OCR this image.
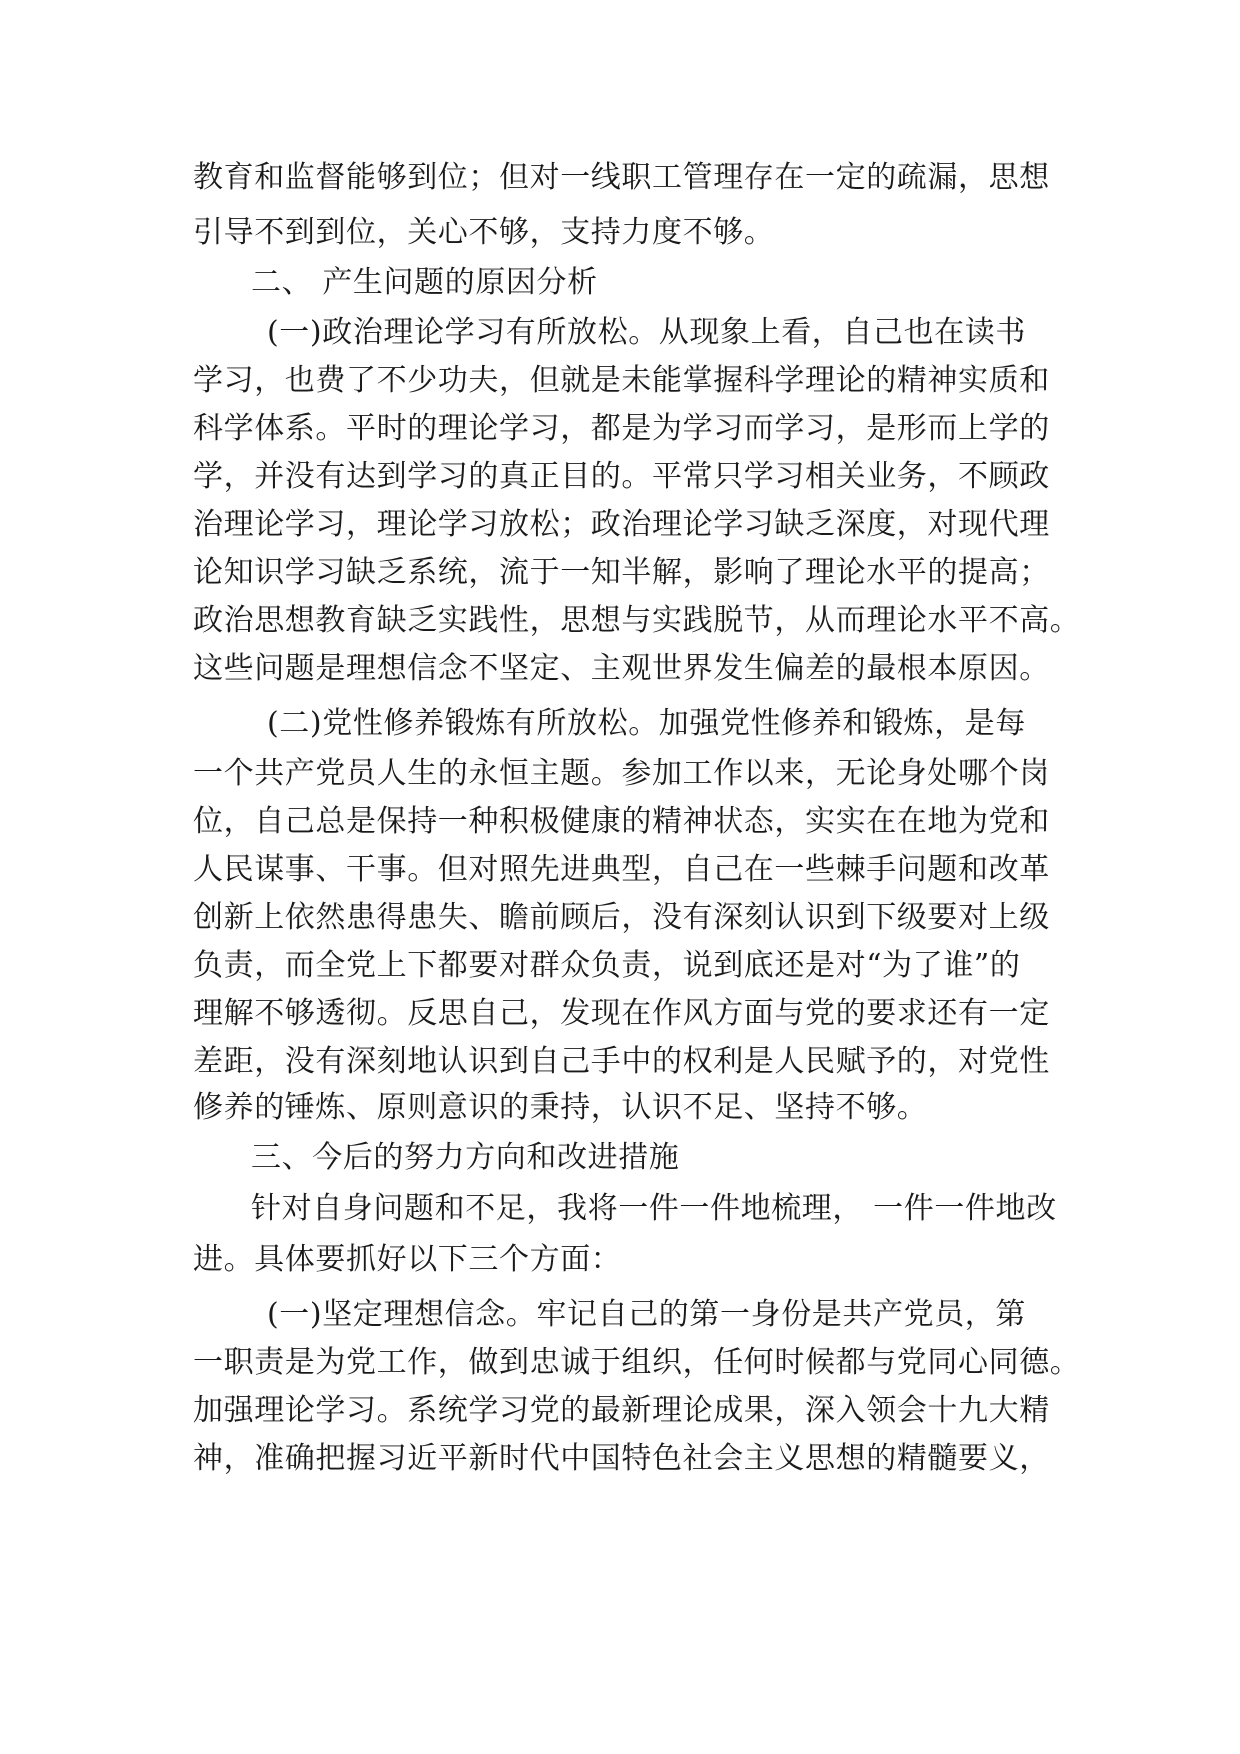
教育和监督能够到位；但对一线职工管理存在一定的疏漏，思想
引导不到到位，关心不够，支持力度不够。
二、 产生问题的原因分析
(一)政治理论学习有所放松。从现象上看，自己也在读书
学习，也费了不少功夫，但就是未能掌握科学理论的精神实质和
科学体系。平时的理论学习，都是为学习而学习，是形而上学的
学，并没有达到学习的真正目的。平常只学习相关业务，不顾政
治理论学习，理论学习放松；政治理论学习缺乏深度，对现代理
论知识学习缺乏系统，流于一知半解，影响了理论水平的提高；
政治思想教育缺乏实践性，思想与实践脱节，从而理论水平不高。
这些问题是理想信念不坚定、主观世界发生偏差的最根本原因。
(二)党性修养锻炼有所放松。加强党性修养和锻炼，是每
一个共产党员人生的永恒主题。参加工作以来，无论身处哪个岗
位，自己总是保持一种积极健康的精神状态，实实在在地为党和
人民谋事、干事。但对照先进典型，自己在一些棘手问题和改革
创新上依然患得患失、瞻前顾后，没有深刻认识到下级要对上级
负责，而全党上下都要对群众负责，说到底还是对“为了谁”的
理解不够透彻。反思自己，发现在作风方面与党的要求还有一定
差距，没有深刻地认识到自己手中的权利是人民赋予的，对党性
修养的锤炼、原则意识的秉持，认识不足、坚持不够。
三、今后的努力方向和改进措施
针对自身问题和不足，我将一件一件地梳理， 一件一件地改
进。具体要抓好以下三个方面：
(一)坚定理想信念。牢记自己的第一身份是共产党员，第
一职责是为党工作，做到忠诚于组织，任何时候都与党同心同德。
加强理论学习。系统学习党的最新理论成果，深入领会十九大精
神，准确把握习近平新时代中国特色社会主义思想的精髓要义，
